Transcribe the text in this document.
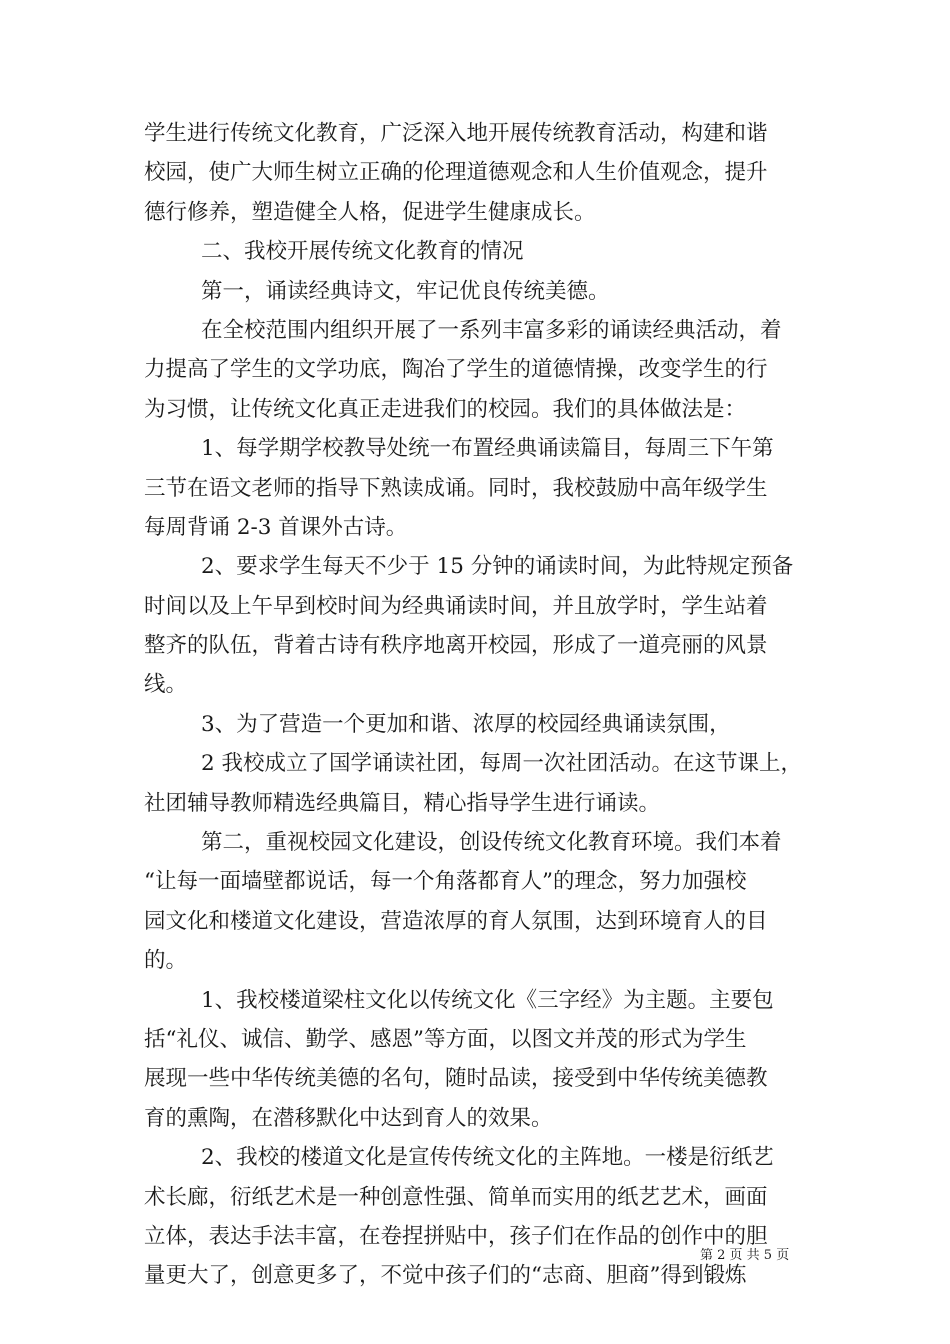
学生进行传统文化教育，广泛深入地开展传统教育活动，构建和谐
校园，使广大师生树立正确的伦理道德观念和人生价值观念，提升
德行修养，塑造健全人格，促进学生健康成长。
二、我校开展传统文化教育的情况
第一，诵读经典诗文，牢记优良传统美德。
在全校范围内组织开展了一系列丰富多彩的诵读经典活动，着
力提高了学生的文学功底，陶冶了学生的道德情操，改变学生的行
为习惯，让传统文化真正走进我们的校园。我们的具体做法是：
1、每学期学校教导处统一布置经典诵读篇目，每周三下午第
三节在语文老师的指导下熟读成诵。同时，我校鼓励中高年级学生
每周背诵 2-3 首课外古诗。
2、要求学生每天不少于 15 分钟的诵读时间，为此特规定预备
时间以及上午早到校时间为经典诵读时间，并且放学时，学生站着
整齐的队伍，背着古诗有秩序地离开校园，形成了一道亮丽的风景
线。
3、为了营造一个更加和谐、浓厚的校园经典诵读氛围，
2 我校成立了国学诵读社团，每周一次社团活动。在这节课上，
社团辅导教师精选经典篇目，精心指导学生进行诵读。
第二，重视校园文化建设，创设传统文化教育环境。我们本着
“让每一面墙壁都说话，每一个角落都育人”的理念，努力加强校
园文化和楼道文化建设，营造浓厚的育人氛围，达到环境育人的目
的。
1、我校楼道梁柱文化以传统文化《三字经》为主题。主要包
括“礼仪、诚信、勤学、感恩”等方面，以图文并茂的形式为学生
展现一些中华传统美德的名句，随时品读，接受到中华传统美德教
育的熏陶，在潜移默化中达到育人的效果。
2、我校的楼道文化是宣传传统文化的主阵地。一楼是衍纸艺
术长廊，衍纸艺术是一种创意性强、简单而实用的纸艺艺术，画面
立体，表达手法丰富，在卷捏拼贴中，孩子们在作品的创作中的胆
量更大了，创意更多了，不觉中孩子们的“志商、胆商”得到锻炼
第 2 页 共 5 页
